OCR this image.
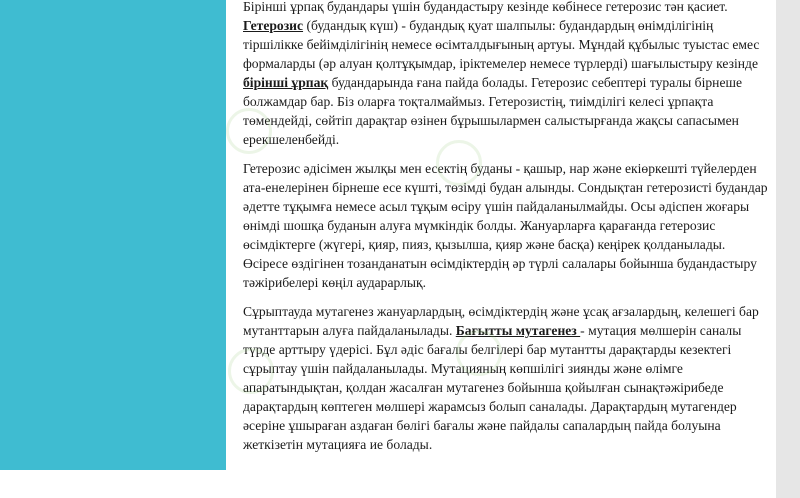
Бірінші ұрпақ будандары үшін будандастыру кезінде көбінесе гетерозис тән қасиет. Гетерозис (будандық күш) - будандық қуат шалпылы: будандардың өнімділігінің тіршілікке бейімділігінің немесе өсімталдығының артуы. Мұндай құбылыс туыстас емес формаларды (әр алуан қолтұқымдар, іріктемелер немесе түрлерді) шағылыстыру кезінде бірінші ұрпақ будандарында ғана пайда болады. Гетерозис себептері туралы бірнеше болжамдар бар. Біз оларға тоқталмаймыз. Гетерозистің, тиімділігі келесі ұрпақта төмендейді, сөйтіп дарақтар өзінен бұрышылармен салыстырғанда жақсы сапасымен ерекшеленбейді.

Гетерозис әдісімен жылқы мен есектің буданы - қашыр, нар және екіөркешті түйелерден ата-енелерінен бірнеше есе күшті, төзімді будан алынды. Сондықтан гетерозисті будандар әдетте тұқымға немесе асыл тұқым өсіру үшін пайдаланылмайды. Осы әдіспен жоғары өнімді шошқа буданын алуға мүмкіндік болды. Жануарларға қарағанда гетерозис өсімдіктерге (жүгері, қияр, пияз, қызылша, қияр және басқа) кеңірек қолданылады. Өсіресе өздігінен тозанданатын өсімдіктердің әр түрлі салалары бойынша будандастыру тәжірибелері көңіл аударарлық.

Сұрыптауда мутагенез жануарлардың, өсімдіктердің және ұсақ ағзалардың, келешегі бар мутанттарын алуға пайдаланылады. Бағытты мутагенез - мутация мөлшерін саналы түрде арттыру үдерісі. Бұл әдіс бағалы белгілері бар мутантты дарақтарды кезектегі сұрыптау үшін пайдаланылады. Мутацияның көпшілігі зиянды және өлімге апаратындықтан, қолдан жасалған мутагенез бойынша қойылған сынақтәжірибеде дарақтардың көптеген мөлшері жарамсыз болып саналады. Дарақтардың мутагендер әсеріне ұшыраған аздаған бөлігі бағалы және пайдалы сапалардың пайда болуына жеткізетін мутацияға ие болады.
